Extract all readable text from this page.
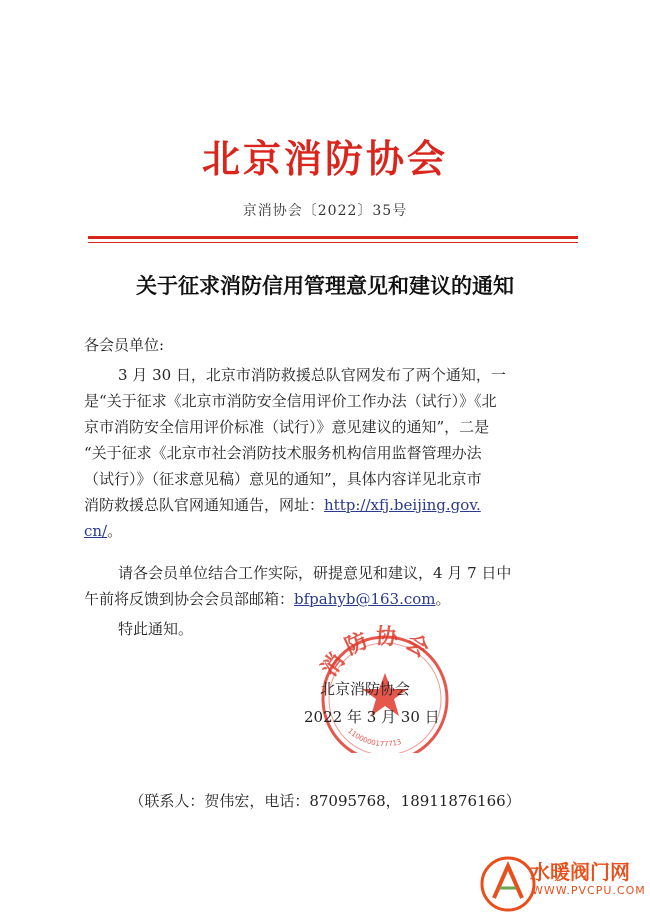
北京消防协会
京消协会〔2022〕35号
关于征求消防信用管理意见和建议的通知
各会员单位:
3 月 30 日，北京市消防救援总队官网发布了两个通知，一
是“关于征求《北京市消防安全信用评价工作办法（试行）》《北
京市消防安全信用评价标准（试行）》意见建议的通知”，二是
“关于征求《北京市社会消防技术服务机构信用监督管理办法
（试行）》（征求意见稿）意见的通知”，具体内容详见北京市
消防救援总队官网通知通告，网址：http://xfj.beijing.gov.
cn/。
请各会员单位结合工作实际，研提意见和建议，4 月 7 日中
午前将反馈到协会会员部邮箱：bfpahyb@163.com。
特此通知。
消防协会
1100000177713
北京消防协会
2022 年 3 月 30 日
（联系人：贺伟宏，电话：87095768，18911876166）
水暖阀门网
WWW.PVCPU.COM
